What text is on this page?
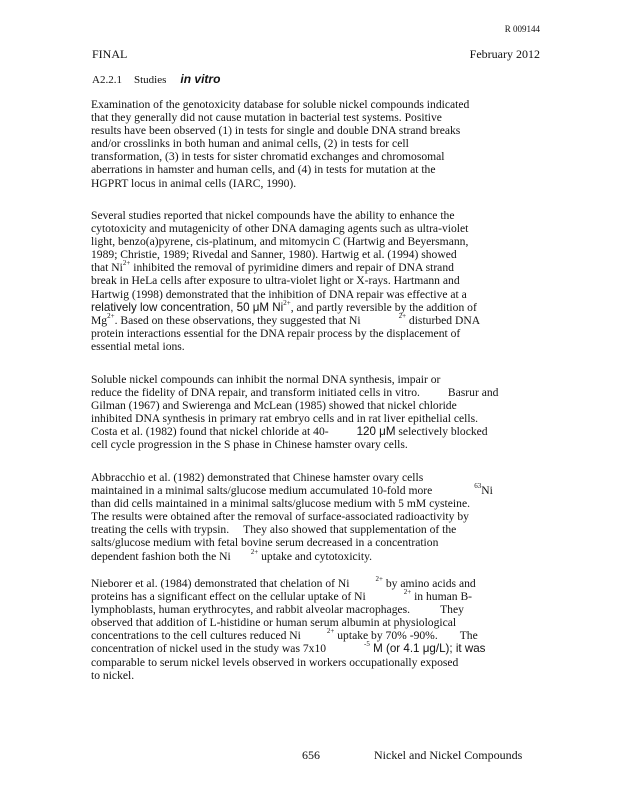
R 009144
FINAL	February 2012
A2.2.1 Studies in vitro

Examination of the genotoxicity database for soluble nickel compounds indicated

that they generally did not cause mutation in bacterial test systems. Positive

results have been observed (1) in tests for single and double DNA strand breaks

and/or crosslinks in both human and animal cells, (2) in tests for cell

transformation, (3) in tests for sister chromatid exchanges and chromosomal

aberrations in hamster and human cells, and (4) in tests for mutation at the

HGPRT locus in animal cells (IARC, 1990).

Several studies reported that nickel compounds have the ability to enhance the

cytotoxicity and mutagenicity of other DNA damaging agents such as ultra-violet

light, benzo(a)pyrene, cis-platinum, and mitomycin C (Hartwig and Beyersmann,

1989; Christie, 1989; Rivedal and Sanner, 1980). Hartwig et al. (1994) showed

that $Ni^{2+}$ inhibited the removal of pyrimidine dimers and repair of DNA strand

break in HeLa cells after exposure to ultra-violet light or X-rays. Hartmann and

Hartwig (1998) demonstrated that the inhibition of DNA repair was effective at a

relatively low concentration, 50 μM $Ni^{2+}$, and partly reversible by the addition of

$Mg^{2+}$. Based on these observations, they suggested that Ni	$^{2+}$ disturbed DNA

protein interactions essential for the DNA repair process by the displacement of

essential metal ions.

Soluble nickel compounds can inhibit the normal DNA synthesis, impair or

reduce the fidelity of DNA repair, and transform initiated cells in vitro. Basrur and

Gilman (1967) and Swierenga and McLean (1985) showed that nickel chloride

inhibited DNA synthesis in primary rat embryo cells and in rat liver epithelial cells.

Costa et al. (1982) found that nickel chloride at 40- 120 μM selectively blocked

cell cycle progression in the S phase in Chinese hamster ovary cells.

Abbracchio et al. (1982) demonstrated that Chinese hamster ovary cells

maintained in a minimal salts/glucose medium accumulated 10-fold more	$^{63}$Ni

than did cells maintained in a minimal salts/glucose medium with 5 mM cysteine.

The results were obtained after the removal of surface-associated radioactivity by

treating the cells with trypsin. They also showed that supplementation of the

salts/glucose medium with fetal bovine serum decreased in a concentration

dependent fashion both the Ni	$^{2+}$ uptake and cytotoxicity.

Nieborer et al. (1984) demonstrated that chelation of Ni	$^{2+}$ by amino acids and

proteins has a significant effect on the cellular uptake of Ni	$^{2+}$ in human B-

lymphoblasts, human erythrocytes, and rabbit alveolar macrophages.	They

observed that addition of L-histidine or human serum albumin at physiological

concentrations to the cell cultures reduced Ni	$^{2+}$ uptake by 70% -90%. The

concentration of nickel used in the study was 7x10	$^{-5}$ M (or 4.1 μg/L); it was

comparable to serum nickel levels observed in workers occupationally exposed

to nickel.

656	Nickel and Nickel Compounds
